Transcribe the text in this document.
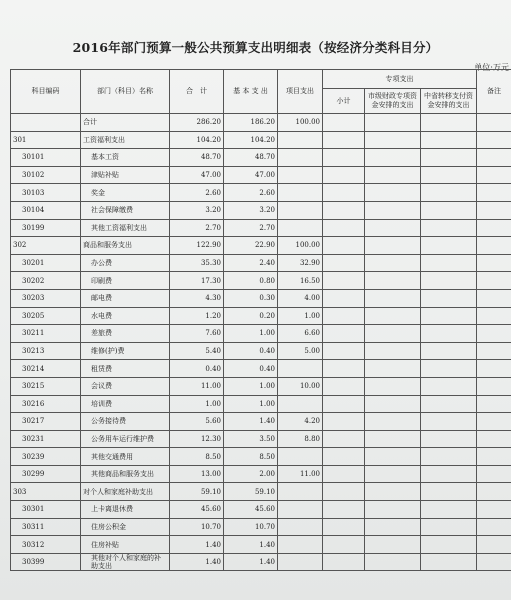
2016年部门预算一般公共预算支出明细表（按经济分类科目分）
单位:万元
科目编码	部门（科目）名称	合　计	基 本 支 出	项目支出	专项支出			备注
					小计	市级财政专项资金安排的支出	中省转移支付资金安排的支出	
	合计	286.20	186.20	100.00				
301	工资福利支出	104.20	104.20					
30101	基本工资	48.70	48.70					
30102	津贴补贴	47.00	47.00					
30103	奖金	2.60	2.60					
30104	社会保障缴费	3.20	3.20					
30199	其他工资福利支出	2.70	2.70					
302	商品和服务支出	122.90	22.90	100.00				
30201	办公费	35.30	2.40	32.90				
30202	印刷费	17.30	0.80	16.50				
30203	邮电费	4.30	0.30	4.00				
30205	水电费	1.20	0.20	1.00				
30211	差旅费	7.60	1.00	6.60				
30213	维修(护)费	5.40	0.40	5.00				
30214	租赁费	0.40	0.40					
30215	会议费	11.00	1.00	10.00				
30216	培训费	1.00	1.00					
30217	公务接待费	5.60	1.40	4.20				
30231	公务用车运行维护费	12.30	3.50	8.80				
30239	其他交通费用	8.50	8.50					
30299	其他商品和服务支出	13.00	2.00	11.00				
303	对个人和家庭补助支出	59.10	59.10					
30301	上卡离退休费	45.60	45.60					
30311	住房公积金	10.70	10.70					
30312	住房补贴	1.40	1.40					
30399	其他对个人和家庭的补助支出	1.40	1.40					
